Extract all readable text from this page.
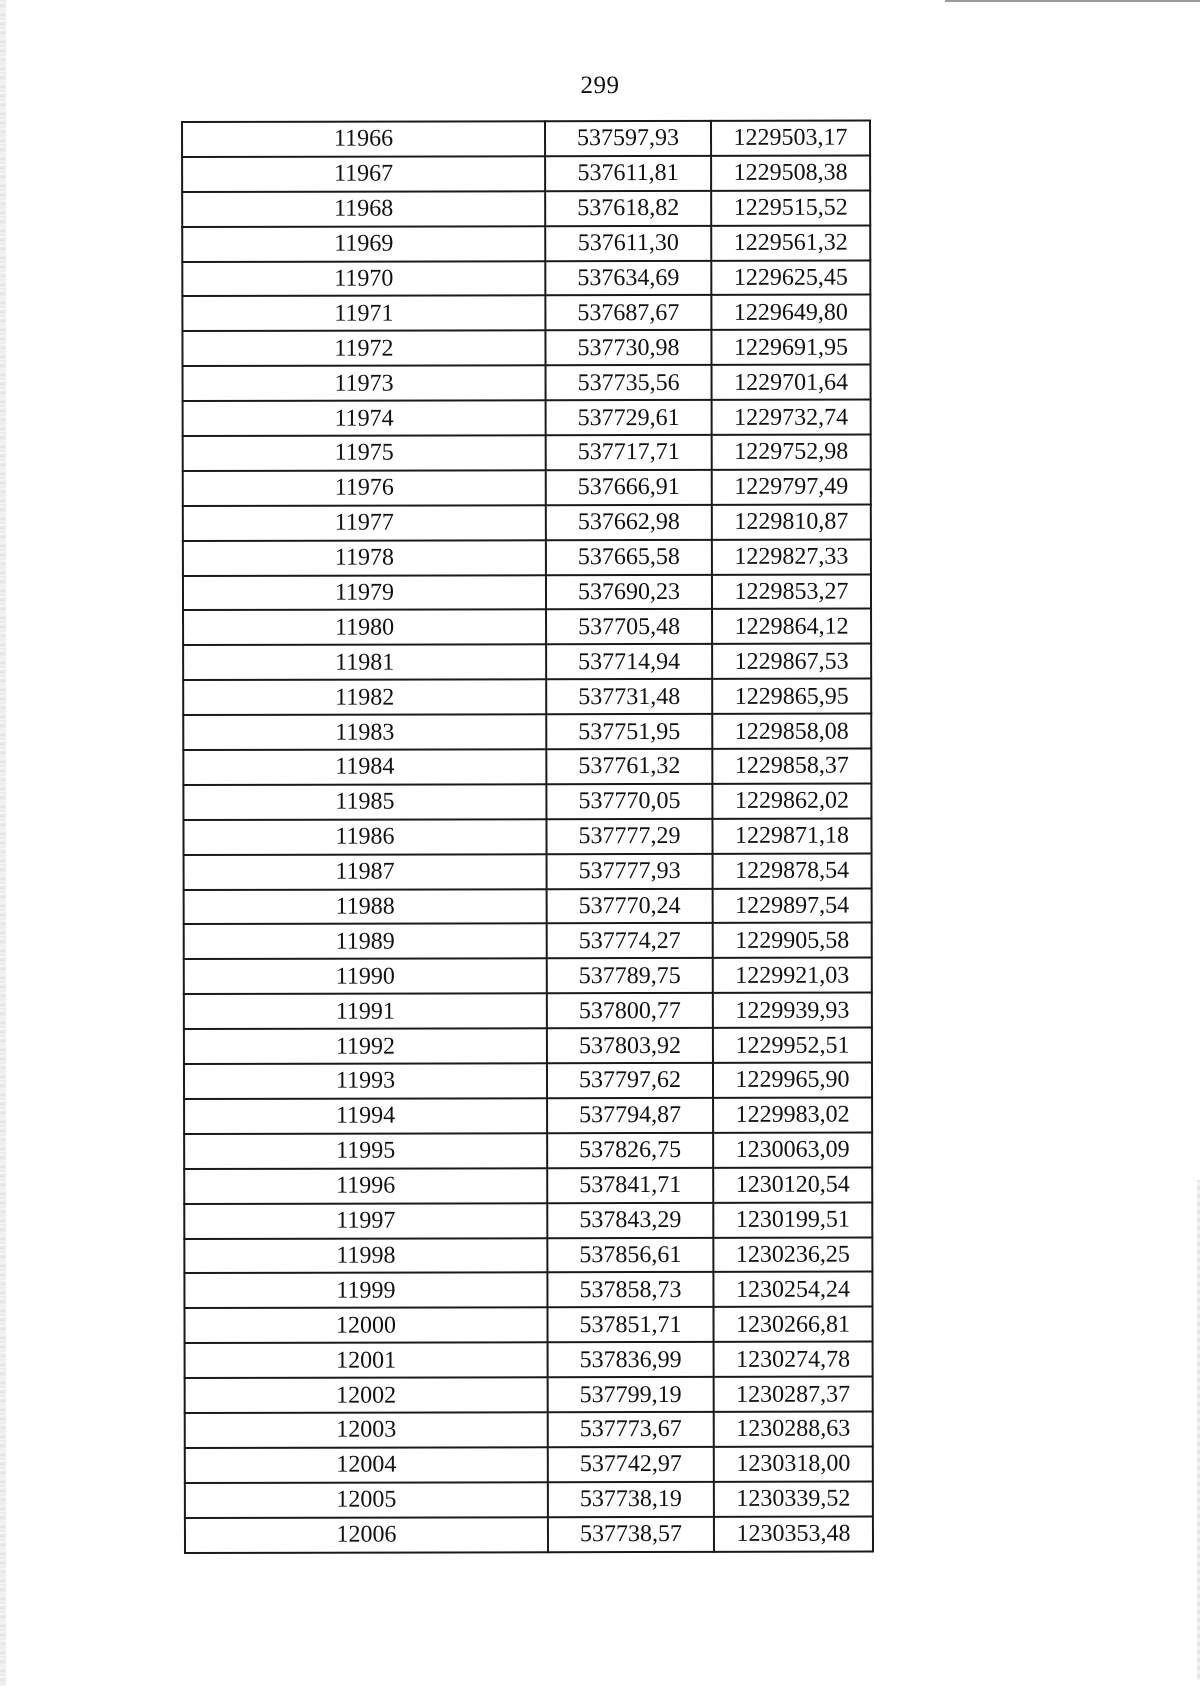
299
11966	537597,93	1229503,17
11967	537611,81	1229508,38
11968	537618,82	1229515,52
11969	537611,30	1229561,32
11970	537634,69	1229625,45
11971	537687,67	1229649,80
11972	537730,98	1229691,95
11973	537735,56	1229701,64
11974	537729,61	1229732,74
11975	537717,71	1229752,98
11976	537666,91	1229797,49
11977	537662,98	1229810,87
11978	537665,58	1229827,33
11979	537690,23	1229853,27
11980	537705,48	1229864,12
11981	537714,94	1229867,53
11982	537731,48	1229865,95
11983	537751,95	1229858,08
11984	537761,32	1229858,37
11985	537770,05	1229862,02
11986	537777,29	1229871,18
11987	537777,93	1229878,54
11988	537770,24	1229897,54
11989	537774,27	1229905,58
11990	537789,75	1229921,03
11991	537800,77	1229939,93
11992	537803,92	1229952,51
11993	537797,62	1229965,90
11994	537794,87	1229983,02
11995	537826,75	1230063,09
11996	537841,71	1230120,54
11997	537843,29	1230199,51
11998	537856,61	1230236,25
11999	537858,73	1230254,24
12000	537851,71	1230266,81
12001	537836,99	1230274,78
12002	537799,19	1230287,37
12003	537773,67	1230288,63
12004	537742,97	1230318,00
12005	537738,19	1230339,52
12006	537738,57	1230353,48
